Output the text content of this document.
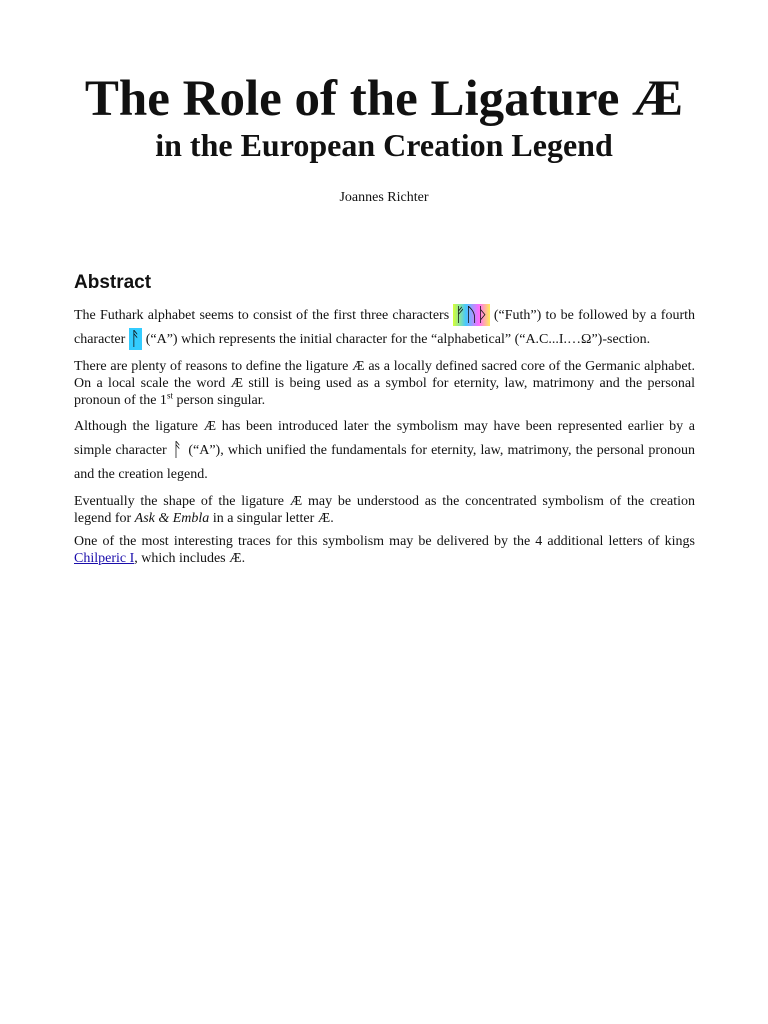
The Role of the Ligature Æ
in the European Creation Legend
Joannes Richter
Abstract

The Futhark alphabet seems to consist of the first three characters ᚠᚢᚦ (“Futh”) to be followed by a fourth character ᚨ (“A”) which represents the initial character for the “alphabetical” (“A.C...I.…Ω”)-section.

There are plenty of reasons to define the ligature Æ as a locally defined sacred core of the Germanic alphabet. On a local scale the word Æ still is being used as a symbol for eternity, law, matrimony and the personal pronoun of the 1st person singular.

Although the ligature Æ has been introduced later the symbolism may have been represented earlier by a simple character ᚨ (“A”), which unified the fundamentals for eternity, law, matrimony, the personal pronoun and the creation legend.

Eventually the shape of the ligature Æ may be understood as the concentrated symbolism of the creation legend for Ask & Embla in a singular letter Æ.

One of the most interesting traces for this symbolism may be delivered by the 4 additional letters of kings Chilperic I, which includes Æ.
